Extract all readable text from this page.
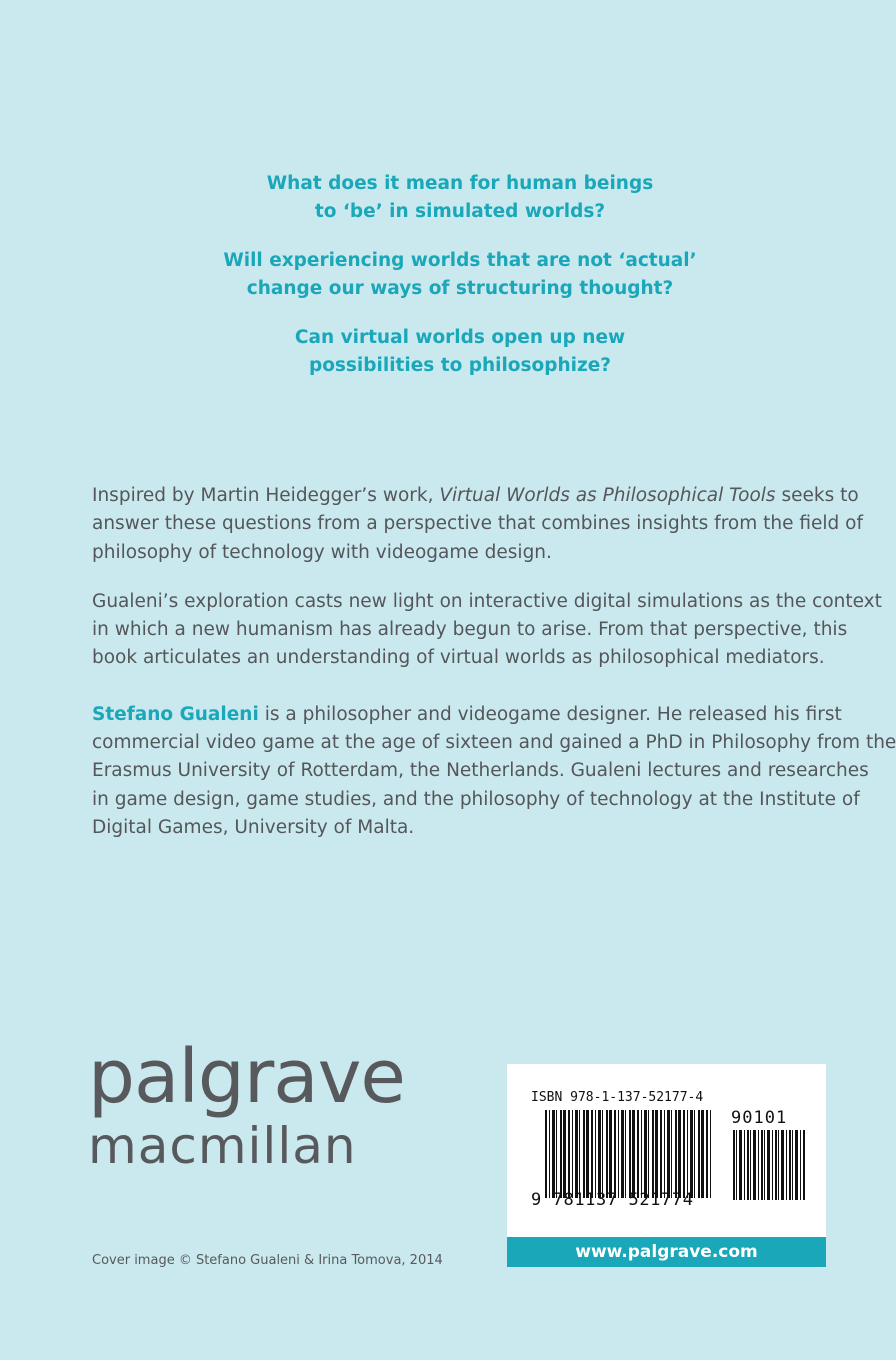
What does it mean for human beings
to ‘be’ in simulated worlds?

Will experiencing worlds that are not ‘actual’
change our ways of structuring thought?

Can virtual worlds open up new
possibilities to philosophize?

Inspired by Martin Heidegger’s work, Virtual Worlds as Philosophical Tools seeks to

answer these questions from a perspective that combines insights from the field of

philosophy of technology with videogame design.

Gualeni’s exploration casts new light on interactive digital simulations as the context

in which a new humanism has already begun to arise. From that perspective, this

book articulates an understanding of virtual worlds as philosophical mediators.

Stefano Gualeni is a philosopher and videogame designer. He released his first

commercial video game at the age of sixteen and gained a PhD in Philosophy from the

Erasmus University of Rotterdam, the Netherlands. Gualeni lectures and researches

in game design, game studies, and the philosophy of technology at the Institute of

Digital Games, University of Malta.

palgrave
macmillan
Cover image © Stefano Gualeni & Irina Tomova, 2014
ISBN 978-1-137-52177-4
90101
9 781137 521774
www.palgrave.com
